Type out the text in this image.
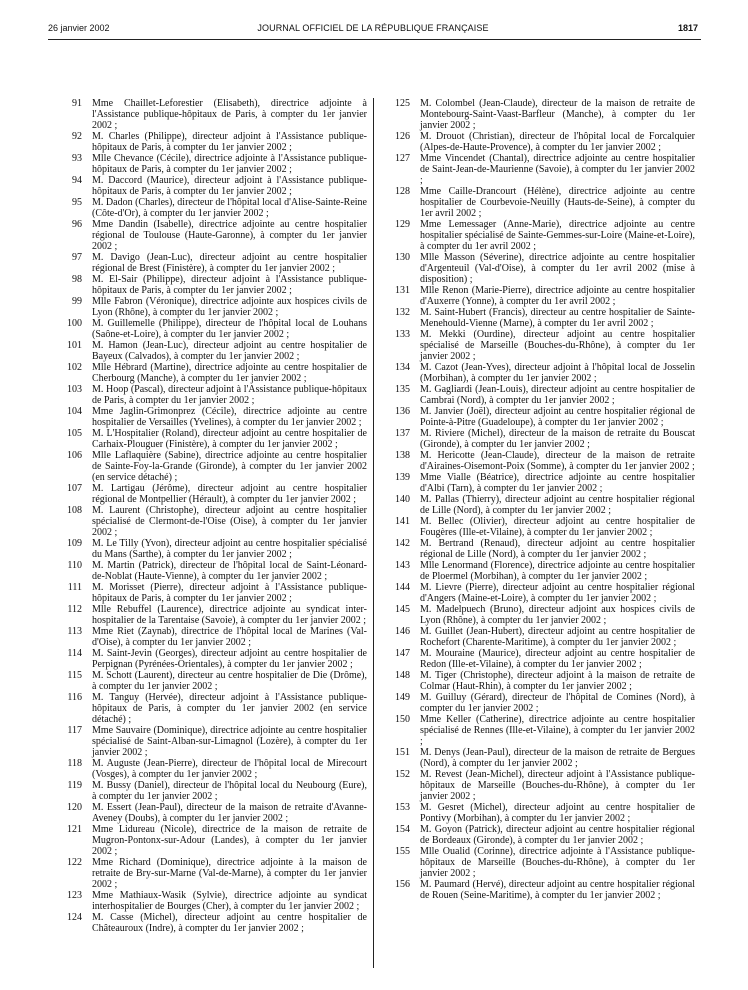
26 janvier 2002	JOURNAL OFFICIEL DE LA RÉPUBLIQUE FRANÇAISE	1817
91 Mme Chaillet-Leforestier (Elisabeth), directrice adjointe à l'Assistance publique-hôpitaux de Paris, à compter du 1er janvier 2002 ;
92 M. Charles (Philippe), directeur adjoint à l'Assistance publique-hôpitaux de Paris, à compter du 1er janvier 2002 ;
93 Mlle Chevance (Cécile), directrice adjointe à l'Assistance publique-hôpitaux de Paris, à compter du 1er janvier 2002 ;
94 M. Daccord (Maurice), directeur adjoint à l'Assistance publique-hôpitaux de Paris, à compter du 1er janvier 2002 ;
95 M. Dadon (Charles), directeur de l'hôpital local d'Alise-Sainte-Reine (Côte-d'Or), à compter du 1er janvier 2002 ;
96 Mme Dandin (Isabelle), directrice adjointe au centre hospitalier régional de Toulouse (Haute-Garonne), à compter du 1er janvier 2002 ;
97 M. Davigo (Jean-Luc), directeur adjoint au centre hospitalier régional de Brest (Finistère), à compter du 1er janvier 2002 ;
98 M. El-Sair (Philippe), directeur adjoint à l'Assistance publique-hôpitaux de Paris, à compter du 1er janvier 2002 ;
99 Mlle Fabron (Véronique), directrice adjointe aux hospices civils de Lyon (Rhône), à compter du 1er janvier 2002 ;
100 M. Guillemelle (Philippe), directeur de l'hôpital local de Louhans (Saône-et-Loire), à compter du 1er janvier 2002 ;
101 M. Hamon (Jean-Luc), directeur adjoint au centre hospitalier de Bayeux (Calvados), à compter du 1er janvier 2002 ;
102 Mlle Hébrard (Martine), directrice adjointe au centre hospitalier de Cherbourg (Manche), à compter du 1er janvier 2002 ;
103 M. Hoop (Pascal), directeur adjoint à l'Assistance publique-hôpitaux de Paris, à compter du 1er janvier 2002 ;
104 Mme Jaglin-Grimonprez (Cécile), directrice adjointe au centre hospitalier de Versailles (Yvelines), à compter du 1er janvier 2002 ;
105 M. L'Hospitalier (Roland), directeur adjoint au centre hospitalier de Carhaix-Plouguer (Finistère), à compter du 1er janvier 2002 ;
106 Mlle Laflaquière (Sabine), directrice adjointe au centre hospitalier de Sainte-Foy-la-Grande (Gironde), à compter du 1er janvier 2002 (en service détaché) ;
107 M. Lartigau (Jérôme), directeur adjoint au centre hospitalier régional de Montpellier (Hérault), à compter du 1er janvier 2002 ;
108 M. Laurent (Christophe), directeur adjoint au centre hospitalier spécialisé de Clermont-de-l'Oise (Oise), à compter du 1er janvier 2002 ;
109 M. Le Tilly (Yvon), directeur adjoint au centre hospitalier spécialisé du Mans (Sarthe), à compter du 1er janvier 2002 ;
110 M. Martin (Patrick), directeur de l'hôpital local de Saint-Léonard-de-Noblat (Haute-Vienne), à compter du 1er janvier 2002 ;
111 M. Morisset (Pierre), directeur adjoint à l'Assistance publique-hôpitaux de Paris, à compter du 1er janvier 2002 ;
112 Mlle Rebuffel (Laurence), directrice adjointe au syndicat inter-hospitalier de la Tarentaise (Savoie), à compter du 1er janvier 2002 ;
113 Mme Riet (Zaynab), directrice de l'hôpital local de Marines (Val-d'Oise), à compter du 1er janvier 2002 ;
114 M. Saint-Jevin (Georges), directeur adjoint au centre hospitalier de Perpignan (Pyrénées-Orientales), à compter du 1er janvier 2002 ;
115 M. Schott (Laurent), directeur au centre hospitalier de Die (Drôme), à compter du 1er janvier 2002 ;
116 M. Tanguy (Hervée), directeur adjoint à l'Assistance publique-hôpitaux de Paris, à compter du 1er janvier 2002 (en service détaché) ;
117 Mme Sauvaire (Dominique), directrice adjointe au centre hospitalier spécialisé de Saint-Alban-sur-Limagnol (Lozère), à compter du 1er janvier 2002 ;
118 M. Auguste (Jean-Pierre), directeur de l'hôpital local de Mirecourt (Vosges), à compter du 1er janvier 2002 ;
119 M. Bussy (Daniel), directeur de l'hôpital local du Neubourg (Eure), à compter du 1er janvier 2002 ;
120 M. Essert (Jean-Paul), directeur de la maison de retraite d'Avanne-Aveney (Doubs), à compter du 1er janvier 2002 ;
121 Mme Lidureau (Nicole), directrice de la maison de retraite de Mugron-Pontonx-sur-Adour (Landes), à compter du 1er janvier 2002 ;
122 Mme Richard (Dominique), directrice adjointe à la maison de retraite de Bry-sur-Marne (Val-de-Marne), à compter du 1er janvier 2002 ;
123 Mme Mathiaux-Wasik (Sylvie), directrice adjointe au syndicat interhospitalier de Bourges (Cher), à compter du 1er janvier 2002 ;
124 M. Casse (Michel), directeur adjoint au centre hospitalier de Châteauroux (Indre), à compter du 1er janvier 2002 ;
125 M. Colombel (Jean-Claude), directeur de la maison de retraite de Montebourg-Saint-Vaast-Barfleur (Manche), à compter du 1er janvier 2002 ;
126 M. Drouot (Christian), directeur de l'hôpital local de Forcalquier (Alpes-de-Haute-Provence), à compter du 1er janvier 2002 ;
127 Mme Vincendet (Chantal), directrice adjointe au centre hospitalier de Saint-Jean-de-Maurienne (Savoie), à compter du 1er janvier 2002 ;
128 Mme Caille-Drancourt (Hélène), directrice adjointe au centre hospitalier de Courbevoie-Neuilly (Hauts-de-Seine), à compter du 1er avril 2002 ;
129 Mme Lemessager (Anne-Marie), directrice adjointe au centre hospitalier spécialisé de Sainte-Gemmes-sur-Loire (Maine-et-Loire), à compter du 1er avril 2002 ;
130 Mlle Masson (Séverine), directrice adjointe au centre hospitalier d'Argenteuil (Val-d'Oise), à compter du 1er avril 2002 (mise à disposition) ;
131 Mlle Renon (Marie-Pierre), directrice adjointe au centre hospitalier d'Auxerre (Yonne), à compter du 1er avril 2002 ;
132 M. Saint-Hubert (Francis), directeur au centre hospitalier de Sainte-Menehould-Vienne (Marne), à compter du 1er avril 2002 ;
133 M. Mekki (Ourdine), directeur adjoint au centre hospitalier spécialisé de Marseille (Bouches-du-Rhône), à compter du 1er janvier 2002 ;
134 M. Cazot (Jean-Yves), directeur adjoint à l'hôpital local de Josselin (Morbihan), à compter du 1er janvier 2002 ;
135 M. Gagliardi (Jean-Louis), directeur adjoint au centre hospitalier de Cambrai (Nord), à compter du 1er janvier 2002 ;
136 M. Janvier (Joël), directeur adjoint au centre hospitalier régional de Pointe-à-Pitre (Guadeloupe), à compter du 1er janvier 2002 ;
137 M. Riviere (Michel), directeur de la maison de retraite du Bouscat (Gironde), à compter du 1er janvier 2002 ;
138 M. Hericotte (Jean-Claude), directeur de la maison de retraite d'Airaines-Oisemont-Poix (Somme), à compter du 1er janvier 2002 ;
139 Mme Vialle (Béatrice), directrice adjointe au centre hospitalier d'Albi (Tarn), à compter du 1er janvier 2002 ;
140 M. Pallas (Thierry), directeur adjoint au centre hospitalier régional de Lille (Nord), à compter du 1er janvier 2002 ;
141 M. Bellec (Olivier), directeur adjoint au centre hospitalier de Fougères (Ille-et-Vilaine), à compter du 1er janvier 2002 ;
142 M. Bertrand (Renaud), directeur adjoint au centre hospitalier régional de Lille (Nord), à compter du 1er janvier 2002 ;
143 Mlle Lenormand (Florence), directrice adjointe au centre hospitalier de Ploermel (Morbihan), à compter du 1er janvier 2002 ;
144 M. Lievre (Pierre), directeur adjoint au centre hospitalier régional d'Angers (Maine-et-Loire), à compter du 1er janvier 2002 ;
145 M. Madelpuech (Bruno), directeur adjoint aux hospices civils de Lyon (Rhône), à compter du 1er janvier 2002 ;
146 M. Guillet (Jean-Hubert), directeur adjoint au centre hospitalier de Rochefort (Charente-Maritime), à compter du 1er janvier 2002 ;
147 M. Mouraine (Maurice), directeur adjoint au centre hospitalier de Redon (Ille-et-Vilaine), à compter du 1er janvier 2002 ;
148 M. Tiger (Christophe), directeur adjoint à la maison de retraite de Colmar (Haut-Rhin), à compter du 1er janvier 2002 ;
149 M. Guilluy (Gérard), directeur de l'hôpital de Comines (Nord), à compter du 1er janvier 2002 ;
150 Mme Keller (Catherine), directrice adjointe au centre hospitalier spécialisé de Rennes (Ille-et-Vilaine), à compter du 1er janvier 2002 ;
151 M. Denys (Jean-Paul), directeur de la maison de retraite de Bergues (Nord), à compter du 1er janvier 2002 ;
152 M. Revest (Jean-Michel), directeur adjoint à l'Assistance publique-hôpitaux de Marseille (Bouches-du-Rhône), à compter du 1er janvier 2002 ;
153 M. Gesret (Michel), directeur adjoint au centre hospitalier de Pontivy (Morbihan), à compter du 1er janvier 2002 ;
154 M. Goyon (Patrick), directeur adjoint au centre hospitalier régional de Bordeaux (Gironde), à compter du 1er janvier 2002 ;
155 Mlle Oualid (Corinne), directrice adjointe à l'Assistance publique-hôpitaux de Marseille (Bouches-du-Rhône), à compter du 1er janvier 2002 ;
156 M. Paumard (Hervé), directeur adjoint au centre hospitalier régional de Rouen (Seine-Maritime), à compter du 1er janvier 2002 ;
